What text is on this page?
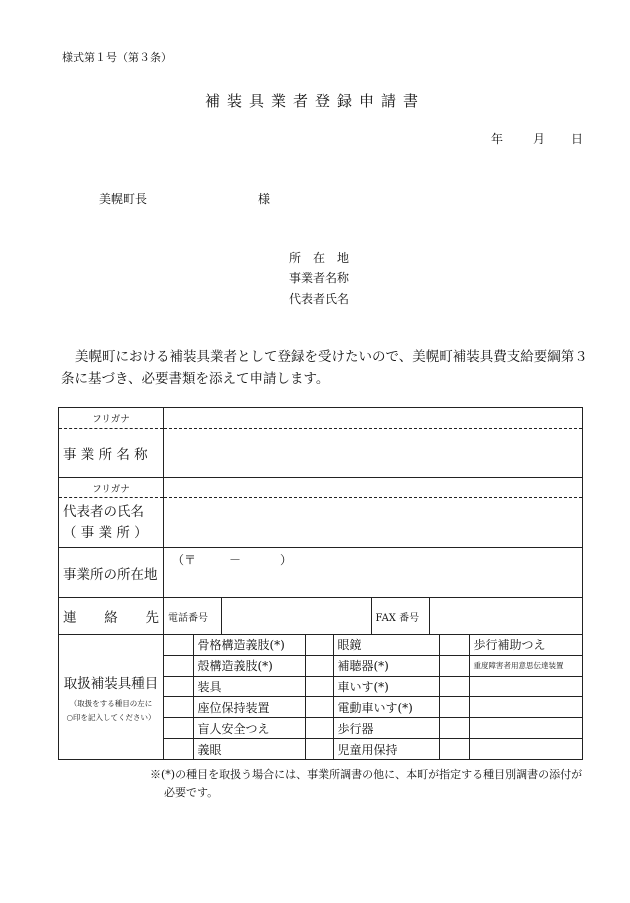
様式第１号（第３条）
補装具業者登録申請書
年 月 日
美幌町長	様
所　在　地
事業者名称
代表者氏名
美幌町における補装具業者として登録を受けたいので、美幌町補装具費支給要綱第３条に基づき、必要書類を添えて申請します。
フリガナ	
事 業 所 名 称	
フリガナ	

代表者の氏名
（ 事 業 所 ）

事業所の所在地	
（〒	－	）

連　　絡　　先	電話番号		FAX 番号	

取扱補装具種目
（取扱をする種目の左に
○印を記入してください）

	骨格構造義肢(*)		眼鏡		歩行補助つえ
	殻構造義肢(*)		補聴器(*)		重度障害者用意思伝達装置
	装具		車いす(*)		
	座位保持装置		電動車いす(*)		
	盲人安全つえ		歩行器		
	義眼		児童用保持		
※(*)の種目を取扱う場合には、事業所調書の他に、本町が指定する種目別調書の添付が
必要です。
